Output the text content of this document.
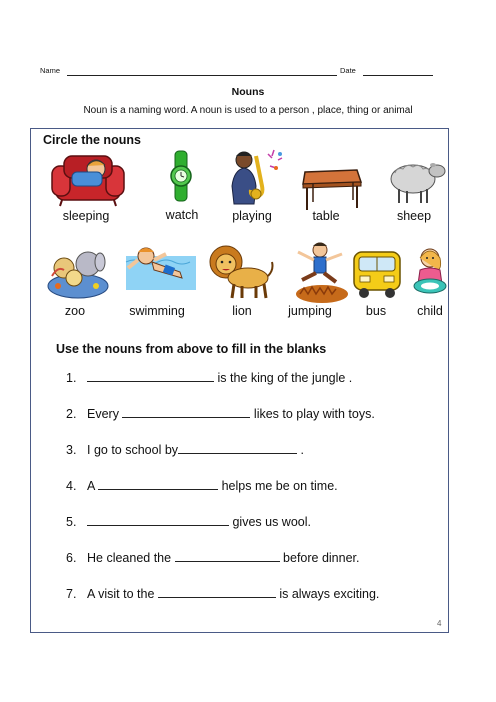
Name	Date
Nouns
Noun is a naming word. A noun is used to a person , place, thing or animal
Circle the nouns
sleeping	watch	playing	table	sheep
zoo	swimming	lion	jumping	bus	child
Use the nouns from above to fill in the blanks
1.	is the king of the jungle .
2. Every	likes to play with toys.
3. I go to school by	.
4. A	helps me be on time.
5.	gives us wool.
6. He cleaned the	before dinner.
7. A visit to the	is always exciting.
4
